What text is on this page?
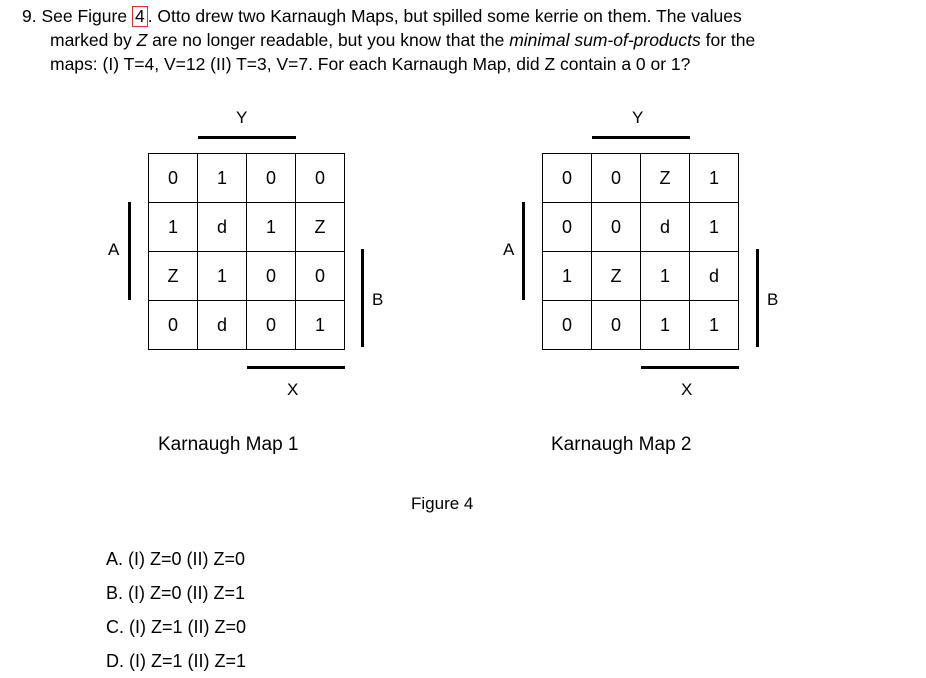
9. See Figure 4 . Otto drew two Karnaugh Maps, but spilled some kerrie on them. The values
marked by Z are no longer readable, but you know that the minimal sum-of-products for the
maps: (I) T=4, V=12 (II) T=3, V=7. For each Karnaugh Map, did Z contain a 0 or 1?
Y
A
0	1	0	0
1	d	1	Z
Z	1	0	0
0	d	0	1
B
X
Karnaugh Map 1
Y
A
0	0	Z	1
0	0	d	1
1	Z	1	d
0	0	1	1
B
X
Karnaugh Map 2
Figure 4
A. (I) Z=0 (II) Z=0
B. (I) Z=0 (II) Z=1
C. (I) Z=1 (II) Z=0
D. (I) Z=1 (II) Z=1
